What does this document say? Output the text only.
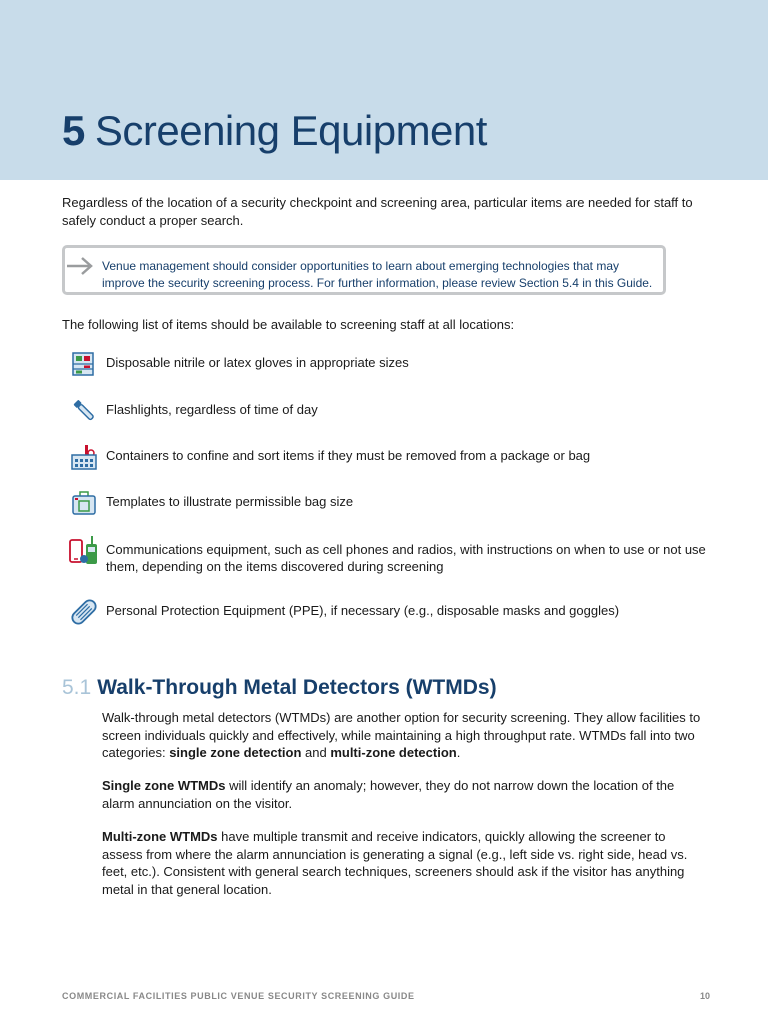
5 Screening Equipment

Regardless of the location of a security checkpoint and screening area, particular items are needed for staff to safely conduct a proper search.

Venue management should consider opportunities to learn about emerging technologies that may improve the security screening process. For further information, please review Section 5.4 in this Guide.

The following list of items should be available to screening staff at all locations:

Disposable nitrile or latex gloves in appropriate sizes

Flashlights, regardless of time of day

Containers to confine and sort items if they must be removed from a package or bag

Templates to illustrate permissible bag size

Communications equipment, such as cell phones and radios, with instructions on when to use or not use them, depending on the items discovered during screening

Personal Protection Equipment (PPE), if necessary (e.g., disposable masks and goggles)

5.1 Walk-Through Metal Detectors (WTMDs)

Walk-through metal detectors (WTMDs) are another option for security screening. They allow facilities to screen individuals quickly and effectively, while maintaining a high throughput rate. WTMDs fall into two categories: single zone detection and multi-zone detection.

Single zone WTMDs will identify an anomaly; however, they do not narrow down the location of the alarm annunciation on the visitor.

Multi-zone WTMDs have multiple transmit and receive indicators, quickly allowing the screener to assess from where the alarm annunciation is generating a signal (e.g., left side vs. right side, head vs. feet, etc.). Consistent with general search techniques, screeners should ask if the visitor has anything metal in that general location.

COMMERCIAL FACILITIES PUBLIC VENUE SECURITY SCREENING GUIDE	10
